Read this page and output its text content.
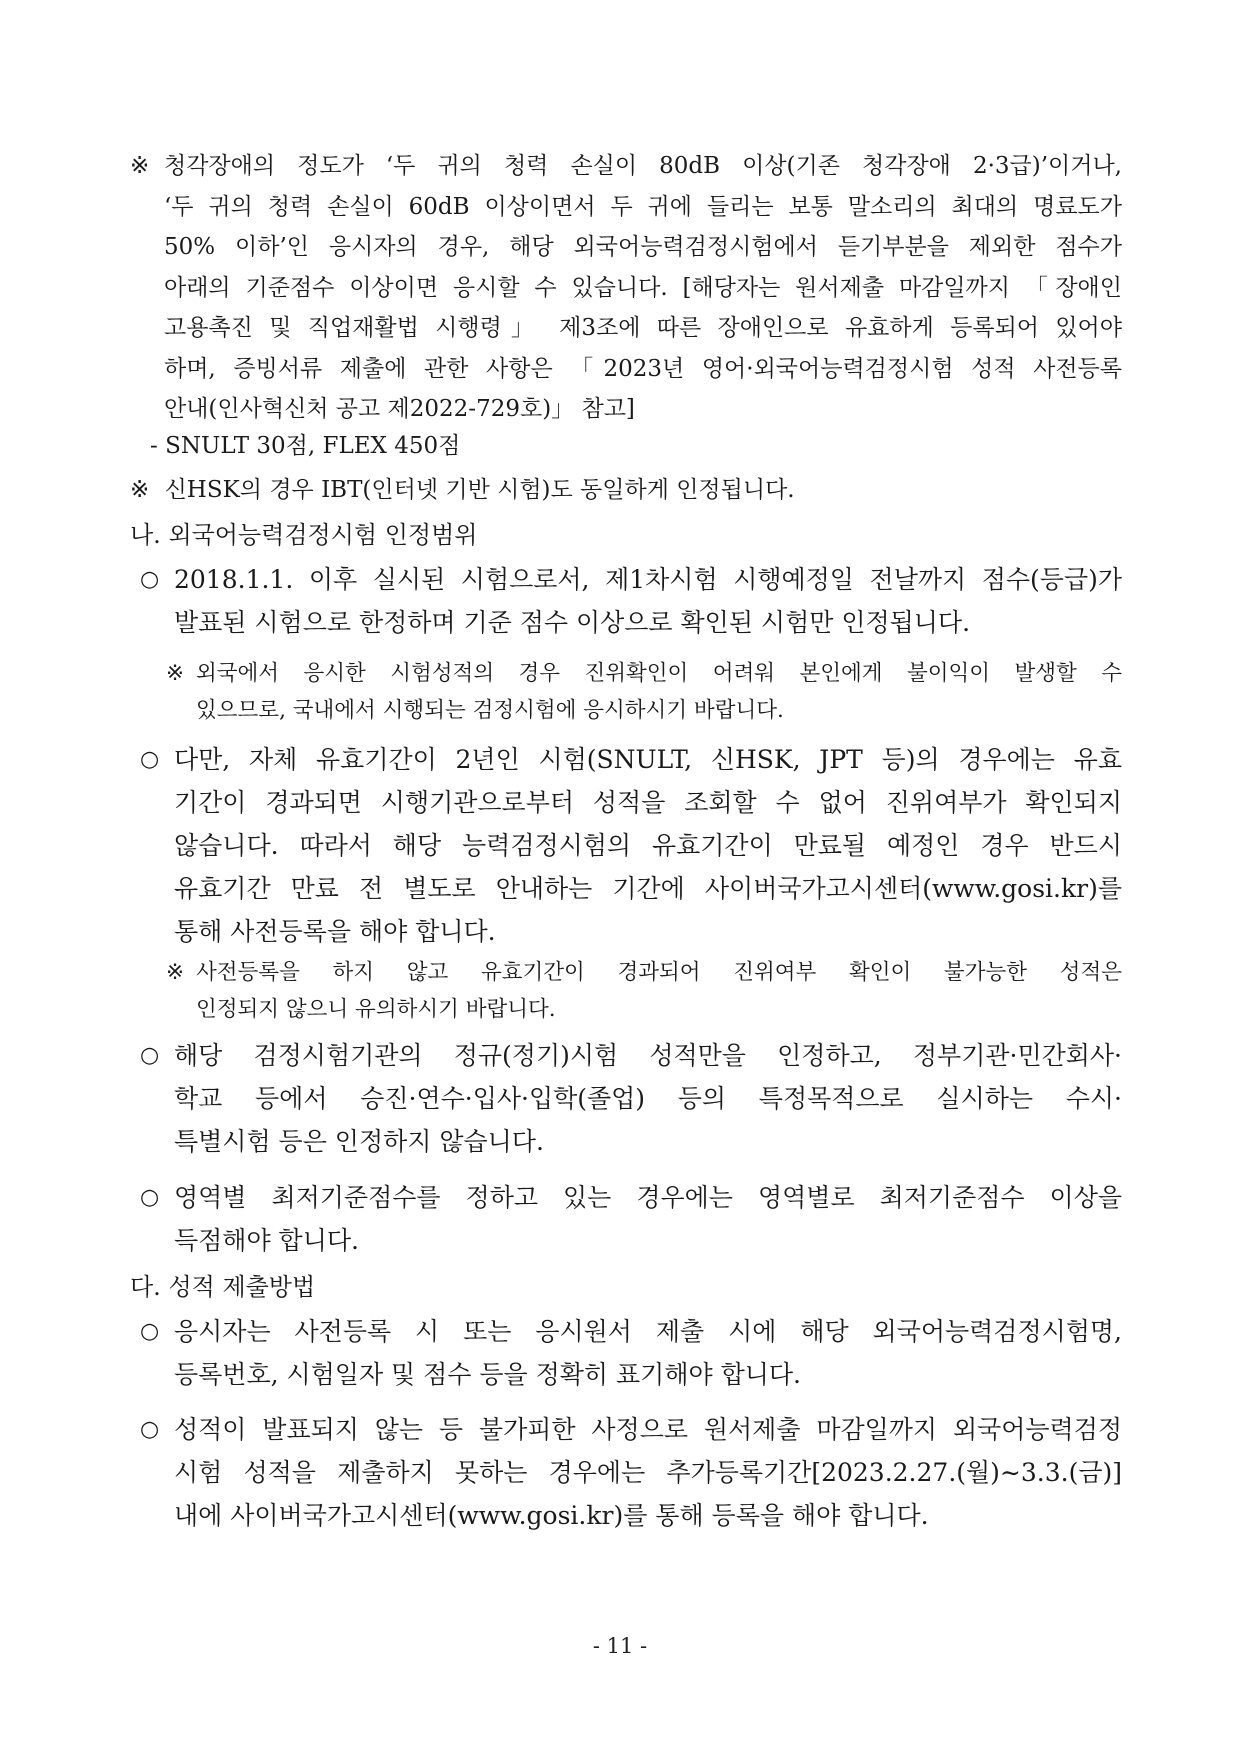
※ 청각장애의 정도가 ‘두 귀의 청력 손실이 80dB 이상(기존 청각장애 2·3급)’이거나,
‘두 귀의 청력 손실이 60dB 이상이면서 두 귀에 들리는 보통 말소리의 최대의 명료도가
50% 이하’인 응시자의 경우, 해당 외국어능력검정시험에서 듣기부분을 제외한 점수가
아래의 기준점수 이상이면 응시할 수 있습니다. [해당자는 원서제출 마감일까지 「장애인
고용촉진 및 직업재활법 시행령」 제3조에 따른 장애인으로 유효하게 등록되어 있어야
하며, 증빙서류 제출에 관한 사항은 「2023년 영어·외국어능력검정시험 성적 사전등록
안내(인사혁신처 공고 제2022-729호)」 참고]
- SNULT 30점, FLEX 450점
※ 신HSK의 경우 IBT(인터넷 기반 시험)도 동일하게 인정됩니다.
나. 외국어능력검정시험 인정범위
○ 2018.1.1. 이후 실시된 시험으로서, 제1차시험 시행예정일 전날까지 점수(등급)가
발표된 시험으로 한정하며 기준 점수 이상으로 확인된 시험만 인정됩니다.
※ 외국에서 응시한 시험성적의 경우 진위확인이 어려워 본인에게 불이익이 발생할 수
있으므로, 국내에서 시행되는 검정시험에 응시하시기 바랍니다.
○ 다만, 자체 유효기간이 2년인 시험(SNULT, 신HSK, JPT 등)의 경우에는 유효
기간이 경과되면 시행기관으로부터 성적을 조회할 수 없어 진위여부가 확인되지
않습니다. 따라서 해당 능력검정시험의 유효기간이 만료될 예정인 경우 반드시
유효기간 만료 전 별도로 안내하는 기간에 사이버국가고시센터(www.gosi.kr)를
통해 사전등록을 해야 합니다.
※ 사전등록을 하지 않고 유효기간이 경과되어 진위여부 확인이 불가능한 성적은
인정되지 않으니 유의하시기 바랍니다.
○ 해당 검정시험기관의 정규(정기)시험 성적만을 인정하고, 정부기관·민간회사·
학교 등에서 승진·연수·입사·입학(졸업) 등의 특정목적으로 실시하는 수시·
특별시험 등은 인정하지 않습니다.
○ 영역별 최저기준점수를 정하고 있는 경우에는 영역별로 최저기준점수 이상을
득점해야 합니다.
다. 성적 제출방법
○ 응시자는 사전등록 시 또는 응시원서 제출 시에 해당 외국어능력검정시험명,
등록번호, 시험일자 및 점수 등을 정확히 표기해야 합니다.
○ 성적이 발표되지 않는 등 불가피한 사정으로 원서제출 마감일까지 외국어능력검정
시험 성적을 제출하지 못하는 경우에는 추가등록기간[2023.2.27.(월)∼3.3.(금)]
내에 사이버국가고시센터(www.gosi.kr)를 통해 등록을 해야 합니다.
- 11 -
